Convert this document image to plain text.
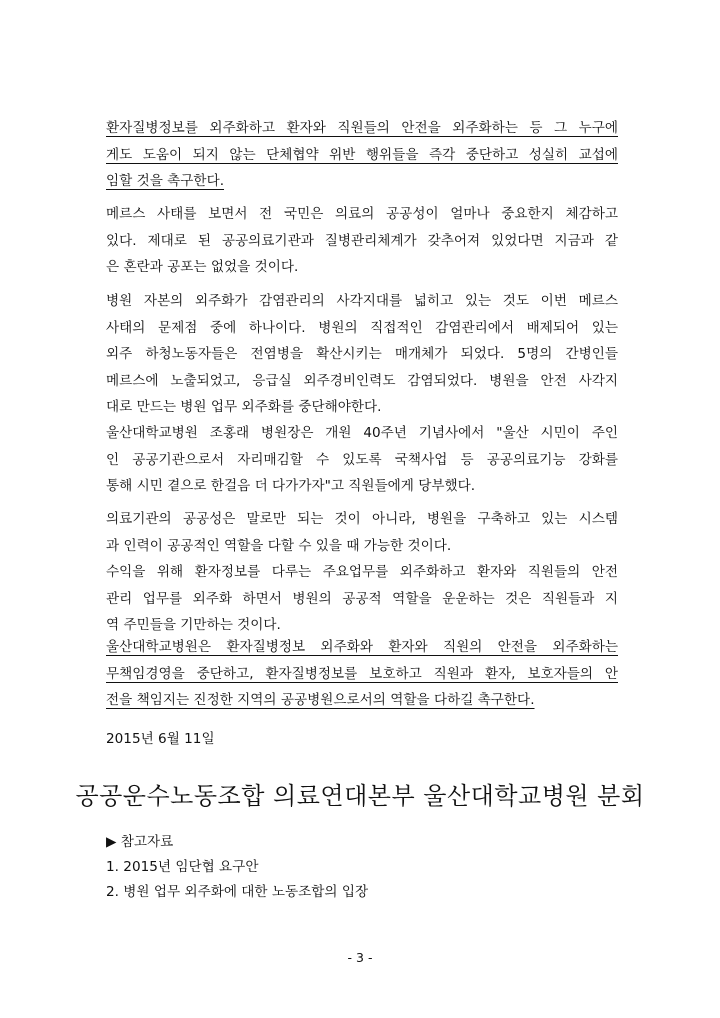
환자질병정보를 외주화하고 환자와 직원들의 안전을 외주화하는 등 그 누구에
게도 도움이 되지 않는 단체협약 위반 행위들을 즉각 중단하고 성실히 교섭에
임할 것을 촉구한다.

메르스 사태를 보면서 전 국민은 의료의 공공성이 얼마나 중요한지 체감하고
있다. 제대로 된 공공의료기관과 질병관리체계가 갖추어져 있었다면 지금과 같
은 혼란과 공포는 없었을 것이다.

병원 자본의 외주화가 감염관리의 사각지대를 넓히고 있는 것도 이번 메르스
사태의 문제점 중에 하나이다. 병원의 직접적인 감염관리에서 배제되어 있는
외주 하청노동자들은 전염병을 확산시키는 매개체가 되었다. 5명의 간병인들
메르스에 노출되었고, 응급실 외주경비인력도 감염되었다. 병원을 안전 사각지
대로 만드는 병원 업무 외주화를 중단해야한다.

울산대학교병원 조홍래 병원장은 개원 40주년 기념사에서 "울산 시민이 주인
인 공공기관으로서 자리매김할 수 있도록 국책사업 등 공공의료기능 강화를
통해 시민 곁으로 한걸음 더 다가가자"고 직원들에게 당부했다.

의료기관의 공공성은 말로만 되는 것이 아니라, 병원을 구축하고 있는 시스템
과 인력이 공공적인 역할을 다할 수 있을 때 가능한 것이다.
수익을 위해 환자정보를 다루는 주요업무를 외주화하고 환자와 직원들의 안전
관리 업무를 외주화 하면서 병원의 공공적 역할을 운운하는 것은 직원들과 지
역 주민들을 기만하는 것이다.

울산대학교병원은 환자질병정보 외주화와 환자와 직원의 안전을 외주화하는
무책임경영을 중단하고, 환자질병정보를 보호하고 직원과 환자, 보호자들의 안
전을 책임지는 진정한 지역의 공공병원으로서의 역할을 다하길 촉구한다.

2015년 6월 11일
공공운수노동조합 의료연대본부 울산대학교병원 분회
▶ 참고자료
1. 2015년 임단협 요구안
2. 병원 업무 외주화에 대한 노동조합의 입장
- 3 -
